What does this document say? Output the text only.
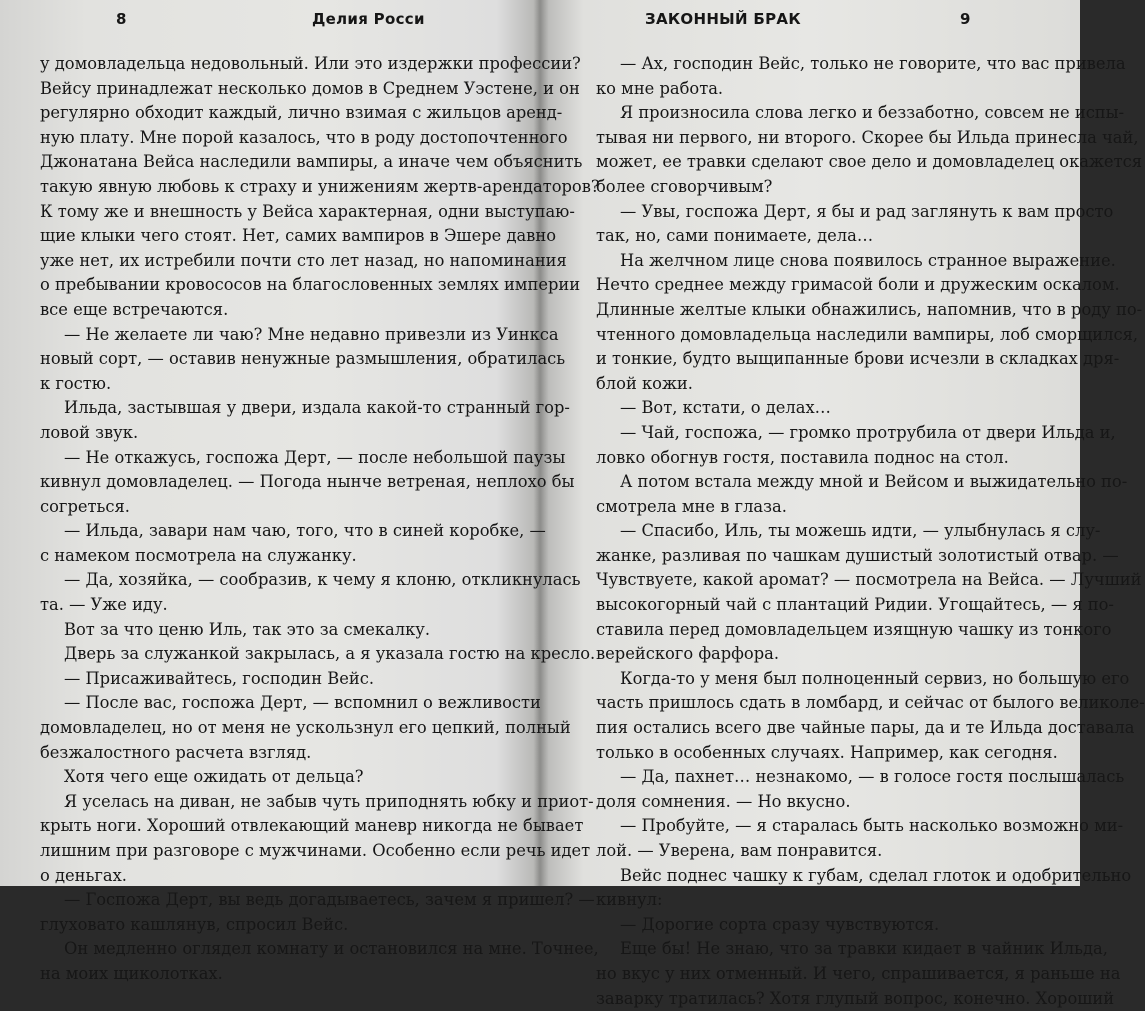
8	Делия Росси
у домовладельца недовольный. Или это издержки профессии?
Вейсу принадлежат несколько домов в Среднем Уэстене, и он
регулярно обходит каждый, лично взимая с жильцов аренд-
ную плату. Мне порой казалось, что в роду достопочтенного
Джонатана Вейса наследили вампиры, а иначе чем объяснить
такую явную любовь к страху и унижениям жертв-арендаторов?
К тому же и внешность у Вейса характерная, одни выступаю-
щие клыки чего стоят. Нет, самих вампиров в Эшере давно
уже нет, их истребили почти сто лет назад, но напоминания
о пребывании кровососов на благословенных землях империи
все еще встречаются.
— Не желаете ли чаю? Мне недавно привезли из Уинкса
новый сорт, — оставив ненужные размышления, обратилась
к гостю.
Ильда, застывшая у двери, издала какой-то странный гор-
ловой звук.
— Не откажусь, госпожа Дерт, — после небольшой паузы
кивнул домовладелец. — Погода нынче ветреная, неплохо бы
согреться.
— Ильда, завари нам чаю, того, что в синей коробке, —
с намеком посмотрела на служанку.
— Да, хозяйка, — сообразив, к чему я клоню, откликнулась
та. — Уже иду.
Вот за что ценю Иль, так это за смекалку.
Дверь за служанкой закрылась, а я указала гостю на кресло.
— Присаживайтесь, господин Вейс.
— После вас, госпожа Дерт, — вспомнил о вежливости
домовладелец, но от меня не ускользнул его цепкий, полный
безжалостного расчета взгляд.
Хотя чего еще ожидать от дельца?
Я уселась на диван, не забыв чуть приподнять юбку и приот-
крыть ноги. Хороший отвлекающий маневр никогда не бывает
лишним при разговоре с мужчинами. Особенно если речь идет
о деньгах.
— Госпожа Дерт, вы ведь догадываетесь, зачем я пришел? —
глуховато кашлянув, спросил Вейс.
Он медленно оглядел комнату и остановился на мне. Точнее,
на моих щиколотках.
ЗАКОННЫЙ БРАК	9
— Ах, господин Вейс, только не говорите, что вас привела
ко мне работа.
Я произносила слова легко и беззаботно, совсем не испы-
тывая ни первого, ни второго. Скорее бы Ильда принесла чай,
может, ее травки сделают свое дело и домовладелец окажется
более сговорчивым?
— Увы, госпожа Дерт, я бы и рад заглянуть к вам просто
так, но, сами понимаете, дела…
На желчном лице снова появилось странное выражение.
Нечто среднее между гримасой боли и дружеским оскалом.
Длинные желтые клыки обнажились, напомнив, что в роду по-
чтенного домовладельца наследили вампиры, лоб сморщился,
и тонкие, будто выщипанные брови исчезли в складках дря-
блой кожи.
— Вот, кстати, о делах…
— Чай, госпожа, — громко протрубила от двери Ильда и,
ловко обогнув гостя, поставила поднос на стол.
А потом встала между мной и Вейсом и выжидательно по-
смотрела мне в глаза.
— Спасибо, Иль, ты можешь идти, — улыбнулась я слу-
жанке, разливая по чашкам душистый золотистый отвар. —
Чувствуете, какой аромат? — посмотрела на Вейса. — Лучший
высокогорный чай с плантаций Ридии. Угощайтесь, — я по-
ставила перед домовладельцем изящную чашку из тонкого
верейского фарфора.
Когда-то у меня был полноценный сервиз, но большую его
часть пришлось сдать в ломбард, и сейчас от былого великоле-
пия остались всего две чайные пары, да и те Ильда доставала
только в особенных случаях. Например, как сегодня.
— Да, пахнет… незнакомо, — в голосе гостя послышалась
доля сомнения. — Но вкусно.
— Пробуйте, — я старалась быть насколько возможно ми-
лой. — Уверена, вам понравится.
Вейс поднес чашку к губам, сделал глоток и одобрительно
кивнул:
— Дорогие сорта сразу чувствуются.
Еще бы! Не знаю, что за травки кидает в чайник Ильда,
но вкус у них отменный. И чего, спрашивается, я раньше на
заварку тратилась? Хотя глупый вопрос, конечно. Хороший
